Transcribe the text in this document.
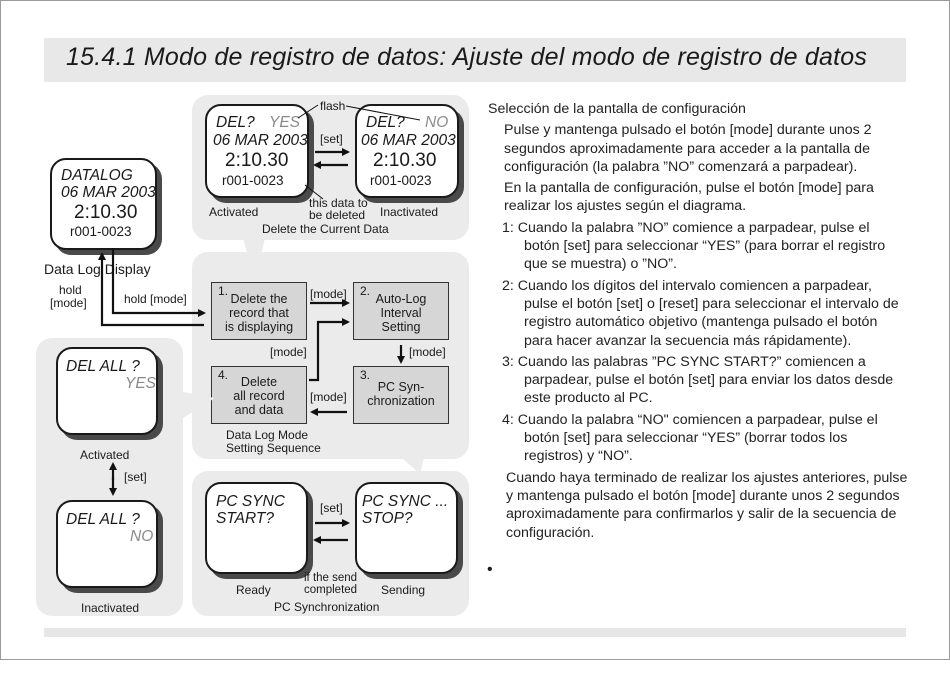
15.4.1 Modo de registro de datos: Ajuste del modo de registro de datos
DATALOG
06 MAR 2003
2:10.30
r001-0023
Data Log Display
hold
[mode]	hold [mode]
DEL? YES
06 MAR 2003
2:10.30
r001-0023
DEL? NO
06 MAR 2003
2:10.30
r001-0023
flash
[set]
this data to
be deleted
Activated	Inactivated
Delete the Current Data
1.
Delete the
record that
is displaying
2.
Auto-Log
Interval
Setting
3.
PC Syn-
chronization
4.	Delete
all record
and data
[mode]
[mode]
[mode]
[mode]
Data Log Mode
Setting Sequence
DEL ALL ?
YES
Activated
[set]
DEL ALL ?
NO
Inactivated
PC SYNC
START?
PC SYNC ...
STOP?
[set]
Ready	Sending
if the send
completed
PC Synchronization

Selección de la pantalla de configuración

Pulse y mantenga pulsado el botón [mode] durante unos 2 segundos aproximadamente para acceder a la pantalla de configuración (la palabra ”NO” comenzará a parpadear).

En la pantalla de configuración, pulse el botón [mode] para realizar los ajustes según el diagrama.

1: Cuando la palabra ”NO” comience a parpadear, pulse el botón [set] para seleccionar “YES” (para borrar el registro que se muestra) o ”NO”.

2: Cuando los dígitos del intervalo comiencen a parpadear, pulse el botón [set] o [reset] para seleccionar el intervalo de registro automático objetivo (mantenga pulsado el botón para hacer avanzar la secuencia más rápidamente).

3: Cuando las palabras ”PC SYNC START?” comiencen a parpadear, pulse el botón [set] para enviar los datos desde este producto al PC.

4: Cuando la palabra “NO" comiencen a parpadear, pulse el botón [set] para seleccionar “YES” (borrar todos los registros) y “NO”.

Cuando haya terminado de realizar los ajustes anteriores, pulse y mantenga pulsado el botón [mode] durante unos 2 segundos aproximadamente para confirmarlos y salir de la secuencia de configuración.

•
